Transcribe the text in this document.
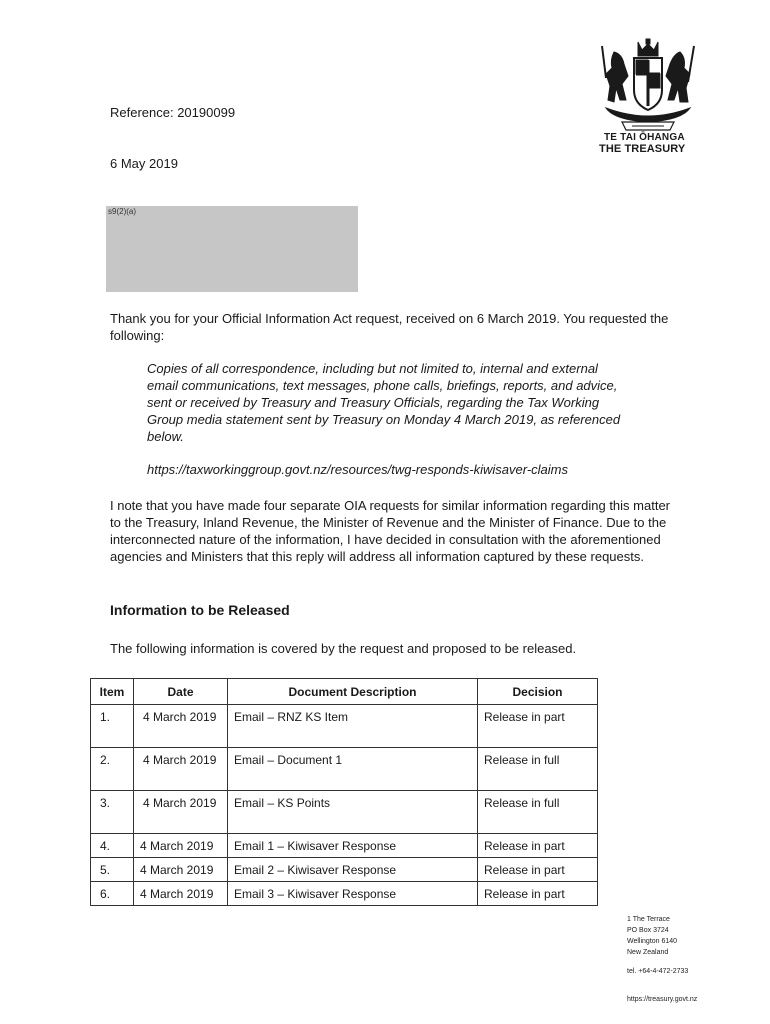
TE TAI ŌHANGA
THE TREASURY
Reference: 20190099
6 May 2019
s9(2)(a)
Thank you for your Official Information Act request, received on 6 March 2019. You requested the following:
Copies of all correspondence, including but not limited to, internal and external email communications, text messages, phone calls, briefings, reports, and advice, sent or received by Treasury and Treasury Officials, regarding the Tax Working Group media statement sent by Treasury on Monday 4 March 2019, as referenced below.
https://taxworkinggroup.govt.nz/resources/twg-responds-kiwisaver-claims
I note that you have made four separate OIA requests for similar information regarding this matter to the Treasury, Inland Revenue, the Minister of Revenue and the Minister of Finance. Due to the interconnected nature of the information, I have decided in consultation with the aforementioned agencies and Ministers that this reply will address all information captured by these requests.
Information to be Released
The following information is covered by the request and proposed to be released.
Item	Date	Document Description	Decision
1.	4 March 2019	Email – RNZ KS Item	Release in part
2.	4 March 2019	Email – Document 1	Release in full
3.	4 March 2019	Email – KS Points	Release in full
4.	4 March 2019	Email 1 – Kiwisaver Response	Release in part
5.	4 March 2019	Email 2 – Kiwisaver Response	Release in part
6.	4 March 2019	Email 3 – Kiwisaver Response	Release in part
1 The Terrace
PO Box 3724
Wellington 6140
New Zealand
tel. +64-4-472-2733
https://treasury.govt.nz
